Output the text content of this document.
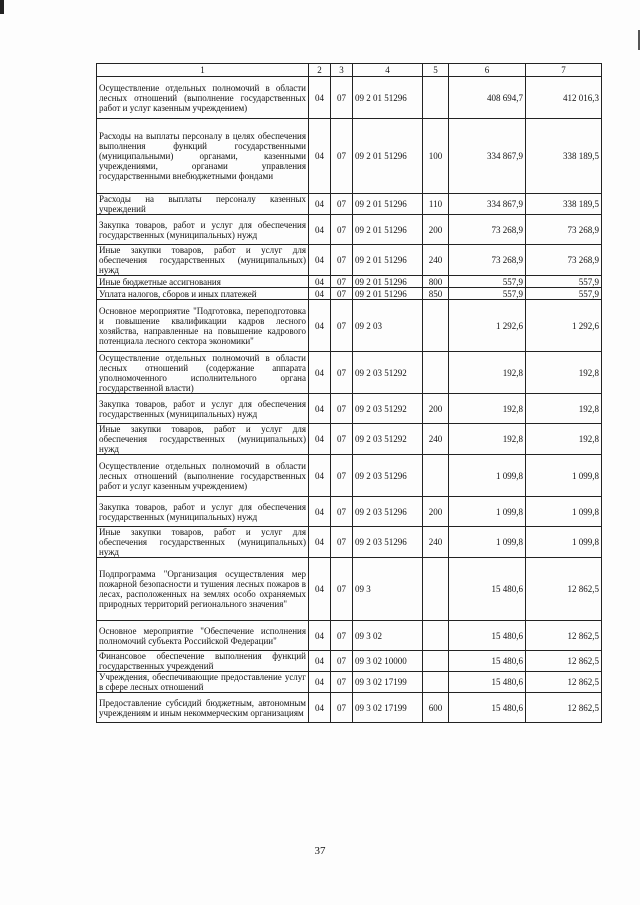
1	2	3	4	5	6	7
Осуществление отдельных полномочий в области лесных отношений (выполнение государственных работ и услуг казенным учреждением)	04	07	09 2 01 51296		408 694,7	412 016,3
Расходы на выплаты персоналу в целях обеспечения выполнения функций государственными (муниципальными) органами, казенными учреждениями, органами управления государственными внебюджетными фондами	04	07	09 2 01 51296	100	334 867,9	338 189,5
Расходы на выплаты персоналу казенных учреждений	04	07	09 2 01 51296	110	334 867,9	338 189,5
Закупка товаров, работ и услуг для обеспечения государственных (муниципальных) нужд	04	07	09 2 01 51296	200	73 268,9	73 268,9
Иные закупки товаров, работ и услуг для обеспечения государственных (муниципальных) нужд	04	07	09 2 01 51296	240	73 268,9	73 268,9
Иные бюджетные ассигнования	04	07	09 2 01 51296	800	557,9	557,9
Уплата налогов, сборов и иных платежей	04	07	09 2 01 51296	850	557,9	557,9
Основное мероприятие "Подготовка, переподготовка и повышение квалификации кадров лесного хозяйства, направленные на повышение кадрового потенциала лесного сектора экономики"	04	07	09 2 03		1 292,6	1 292,6
Осуществление отдельных полномочий в области лесных отношений (содержание аппарата уполномоченного исполнительного органа государственной власти)	04	07	09 2 03 51292		192,8	192,8
Закупка товаров, работ и услуг для обеспечения государственных (муниципальных) нужд	04	07	09 2 03 51292	200	192,8	192,8
Иные закупки товаров, работ и услуг для обеспечения государственных (муниципальных) нужд	04	07	09 2 03 51292	240	192,8	192,8
Осуществление отдельных полномочий в области лесных отношений (выполнение государственных работ и услуг казенным учреждением)	04	07	09 2 03 51296		1 099,8	1 099,8
Закупка товаров, работ и услуг для обеспечения государственных (муниципальных) нужд	04	07	09 2 03 51296	200	1 099,8	1 099,8
Иные закупки товаров, работ и услуг для обеспечения государственных (муниципальных) нужд	04	07	09 2 03 51296	240	1 099,8	1 099,8
Подпрограмма "Организация осуществления мер пожарной безопасности и тушения лесных пожаров в лесах, расположенных на землях особо охраняемых природных территорий регионального значения"	04	07	09 3		15 480,6	12 862,5
Основное мероприятие "Обеспечение исполнения полномочий субъекта Российской Федерации"	04	07	09 3 02		15 480,6	12 862,5
Финансовое обеспечение выполнения функций государственных учреждений	04	07	09 3 02 10000		15 480,6	12 862,5
Учреждения, обеспечивающие предоставление услуг в сфере лесных отношений	04	07	09 3 02 17199		15 480,6	12 862,5
Предоставление субсидий бюджетным, автономным учреждениям и иным некоммерческим организациям	04	07	09 3 02 17199	600	15 480,6	12 862,5
37
